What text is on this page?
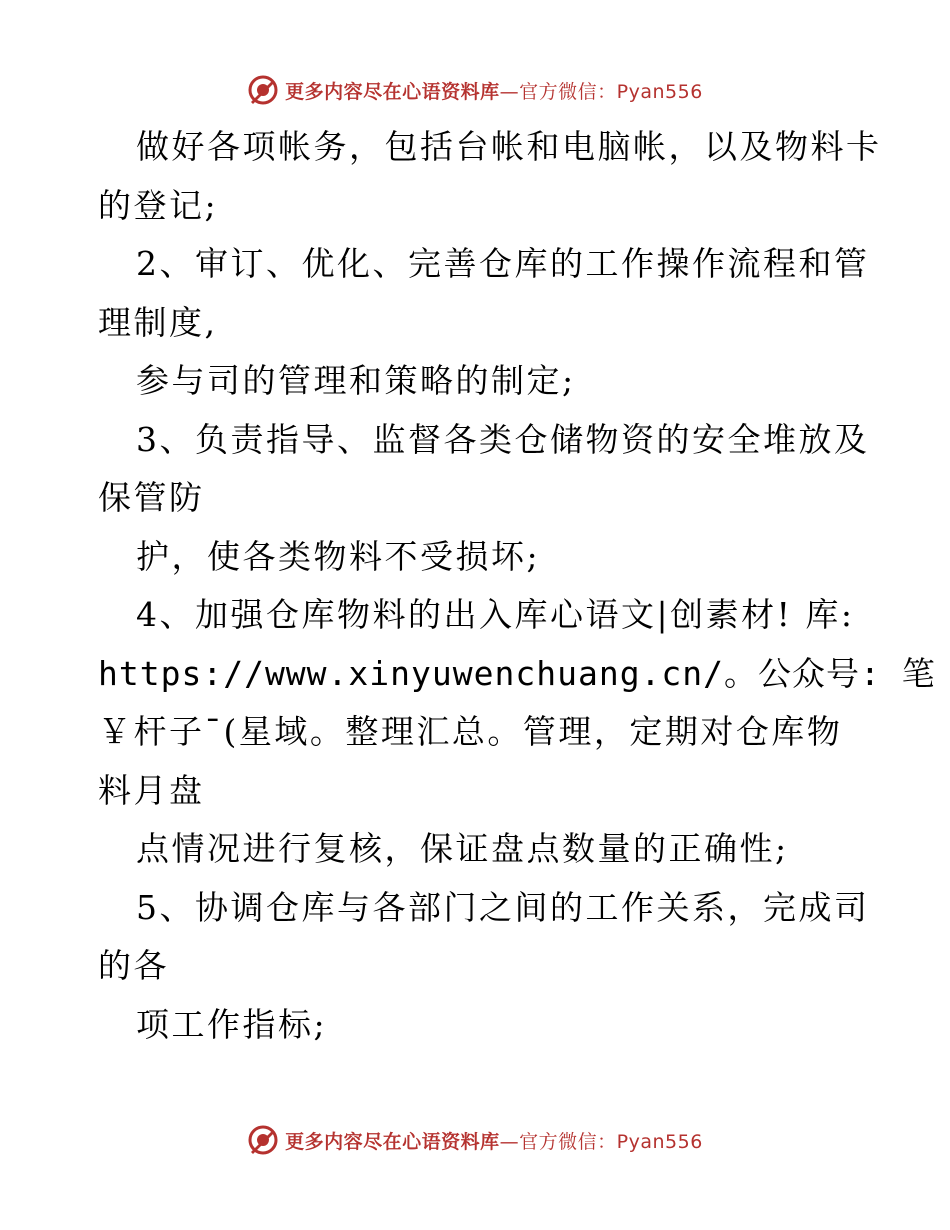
更多内容尽在心语资料库—官方微信：Pyan556
做好各项帐务，包括台帐和电脑帐，以及物料卡
的登记;
2、审订、优化、完善仓库的工作操作流程和管
理制度,
参与司的管理和策略的制定;
3、负责指导、监督各类仓储物资的安全堆放及
保管防
护，使各类物料不受损坏;
4、加强仓库物料的出入库心语文|创素材! 库:
https://www.xinyuwenchuang.cn/。公众号: 笔
￥杆子¯(星域。整理汇总。管理，定期对仓库物
料月盘
点情况进行复核，保证盘点数量的正确性;
5、协调仓库与各部门之间的工作关系，完成司
的各
项工作指标;
更多内容尽在心语资料库—官方微信：Pyan556
